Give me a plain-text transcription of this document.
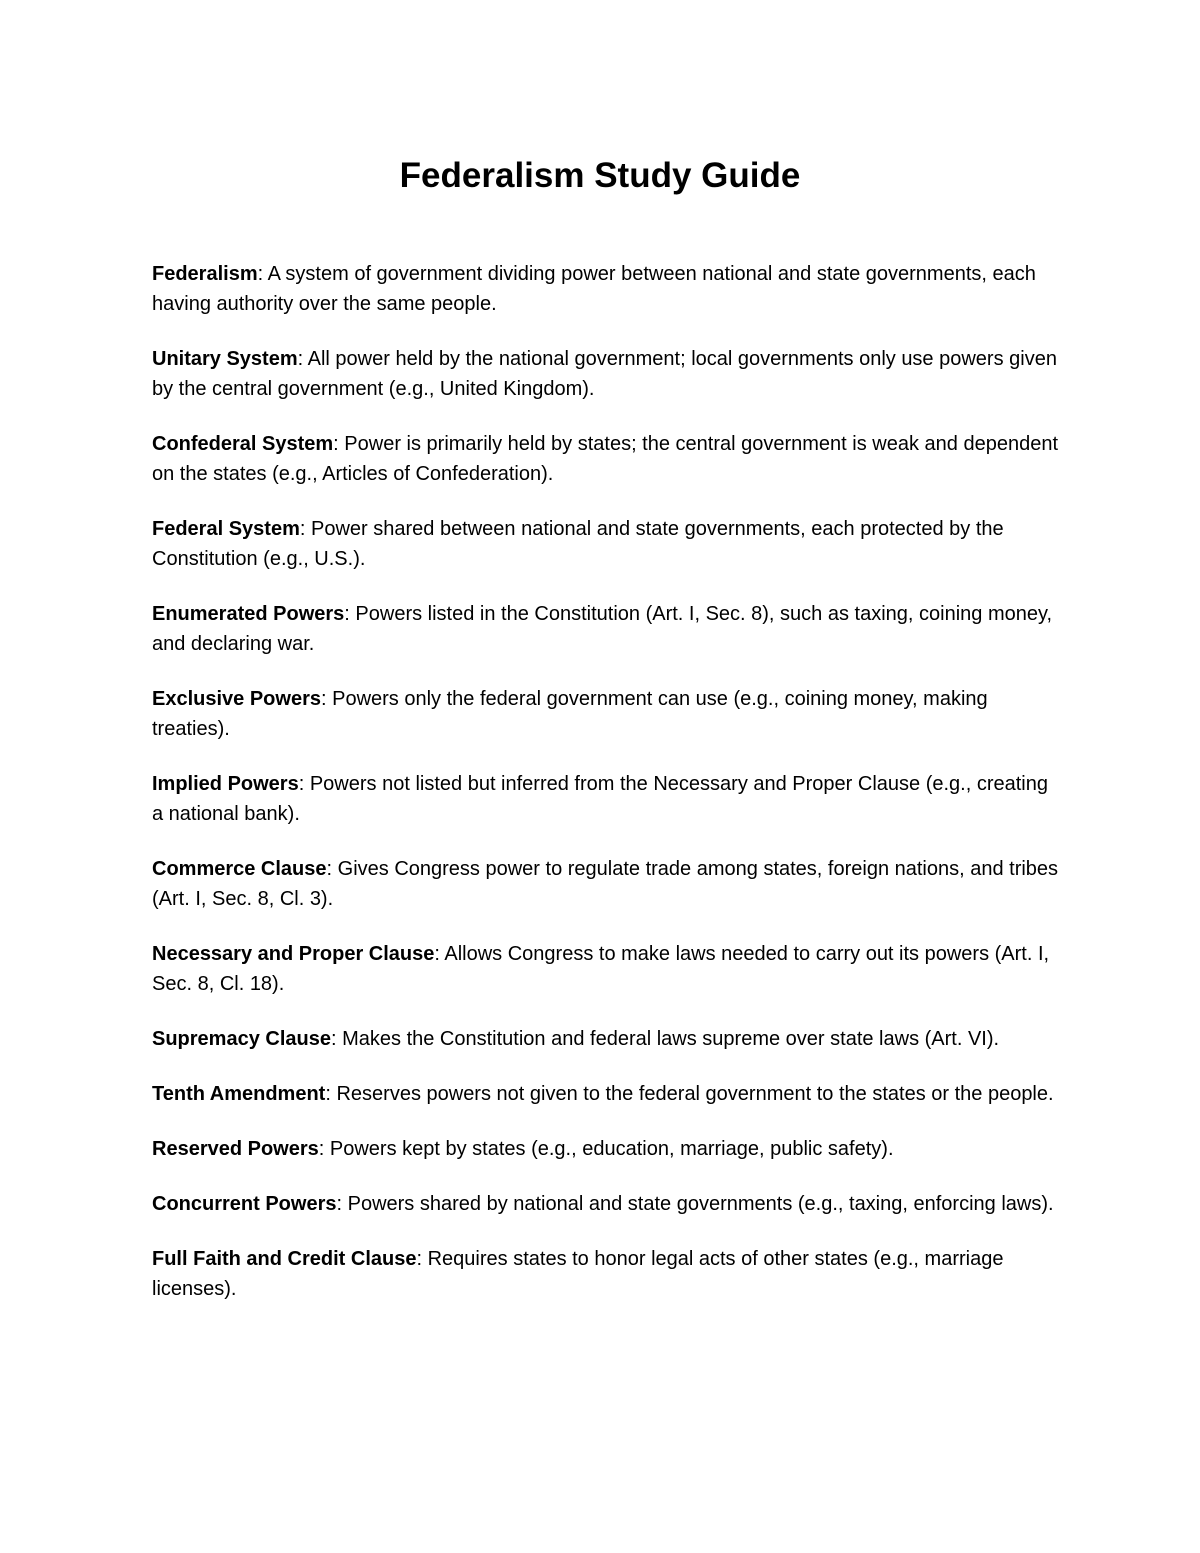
Federalism Study Guide

Federalism: A system of government dividing power between national and state governments, each having authority over the same people.

Unitary System: All power held by the national government; local governments only use powers given by the central government (e.g., United Kingdom).

Confederal System: Power is primarily held by states; the central government is weak and dependent on the states (e.g., Articles of Confederation).

Federal System: Power shared between national and state governments, each protected by the Constitution (e.g., U.S.).

Enumerated Powers: Powers listed in the Constitution (Art. I, Sec. 8), such as taxing, coining money, and declaring war.

Exclusive Powers: Powers only the federal government can use (e.g., coining money, making treaties).

Implied Powers: Powers not listed but inferred from the Necessary and Proper Clause (e.g., creating a national bank).

Commerce Clause: Gives Congress power to regulate trade among states, foreign nations, and tribes (Art. I, Sec. 8, Cl. 3).

Necessary and Proper Clause: Allows Congress to make laws needed to carry out its powers (Art. I, Sec. 8, Cl. 18).

Supremacy Clause: Makes the Constitution and federal laws supreme over state laws (Art. VI).

Tenth Amendment: Reserves powers not given to the federal government to the states or the people.

Reserved Powers: Powers kept by states (e.g., education, marriage, public safety).

Concurrent Powers: Powers shared by national and state governments (e.g., taxing, enforcing laws).

Full Faith and Credit Clause: Requires states to honor legal acts of other states (e.g., marriage licenses).
